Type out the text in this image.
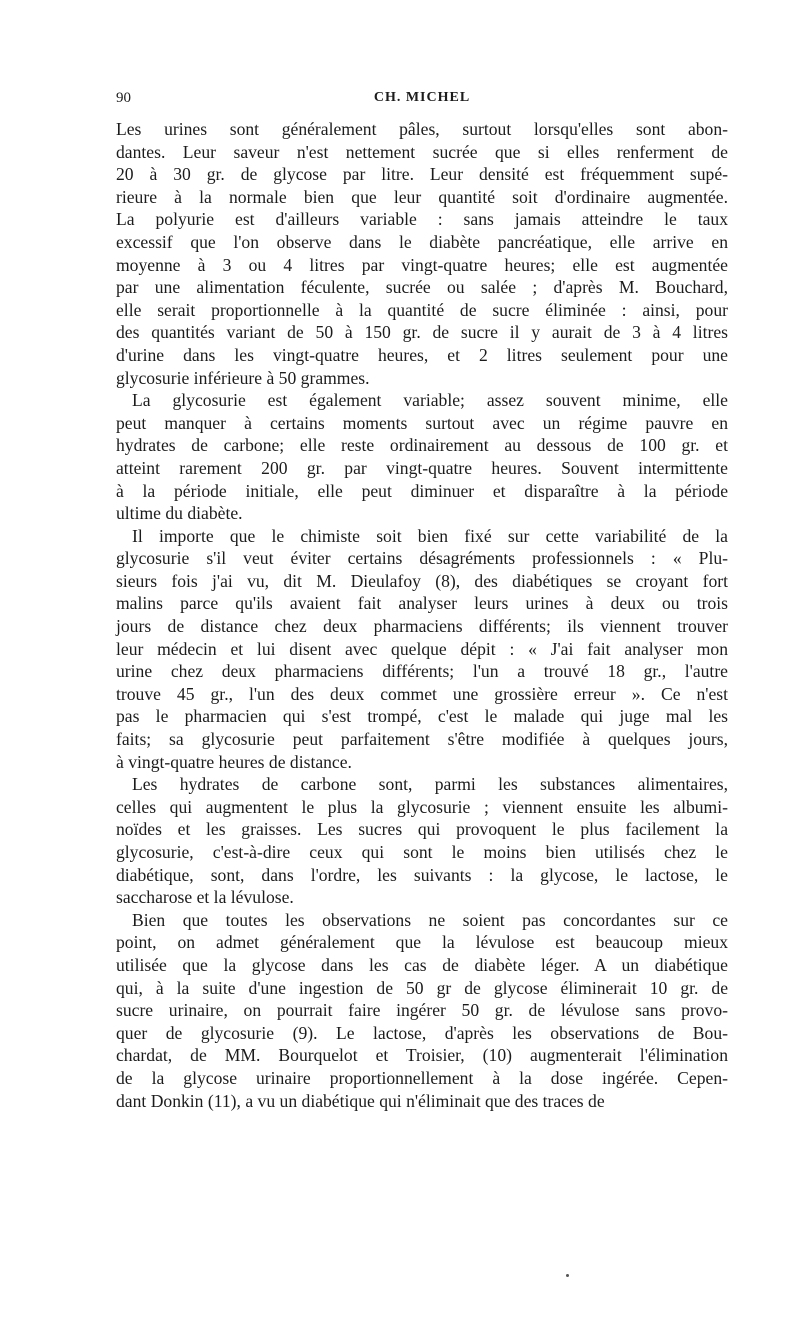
90	CH. MICHEL

Les urines sont généralement pâles, surtout lorsqu'elles sont abon-
dantes. Leur saveur n'est nettement sucrée que si elles renferment de
20 à 30 gr. de glycose par litre. Leur densité est fréquemment supé-
rieure à la normale bien que leur quantité soit d'ordinaire augmentée.
La polyurie est d'ailleurs variable : sans jamais atteindre le taux
excessif que l'on observe dans le diabète pancréatique, elle arrive en
moyenne à 3 ou 4 litres par vingt-quatre heures; elle est augmentée
par une alimentation féculente, sucrée ou salée ; d'après M. Bouchard,
elle serait proportionnelle à la quantité de sucre éliminée : ainsi, pour
des quantités variant de 50 à 150 gr. de sucre il y aurait de 3 à 4 litres
d'urine dans les vingt-quatre heures, et 2 litres seulement pour une
glycosurie inférieure à 50 grammes.

La glycosurie est également variable; assez souvent minime, elle
peut manquer à certains moments surtout avec un régime pauvre en
hydrates de carbone; elle reste ordinairement au dessous de 100 gr. et
atteint rarement 200 gr. par vingt-quatre heures. Souvent intermittente
à la période initiale, elle peut diminuer et disparaître à la période
ultime du diabète.

Il importe que le chimiste soit bien fixé sur cette variabilité de la
glycosurie s'il veut éviter certains désagréments professionnels : « Plu-
sieurs fois j'ai vu, dit M. Dieulafoy (8), des diabétiques se croyant fort
malins parce qu'ils avaient fait analyser leurs urines à deux ou trois
jours de distance chez deux pharmaciens différents; ils viennent trouver
leur médecin et lui disent avec quelque dépit : « J'ai fait analyser mon
urine chez deux pharmaciens différents; l'un a trouvé 18 gr., l'autre
trouve 45 gr., l'un des deux commet une grossière erreur ». Ce n'est
pas le pharmacien qui s'est trompé, c'est le malade qui juge mal les
faits; sa glycosurie peut parfaitement s'être modifiée à quelques jours,
à vingt-quatre heures de distance.

Les hydrates de carbone sont, parmi les substances alimentaires,
celles qui augmentent le plus la glycosurie ; viennent ensuite les albumi-
noïdes et les graisses. Les sucres qui provoquent le plus facilement la
glycosurie, c'est-à-dire ceux qui sont le moins bien utilisés chez le
diabétique, sont, dans l'ordre, les suivants : la glycose, le lactose, le
saccharose et la lévulose.

Bien que toutes les observations ne soient pas concordantes sur ce
point, on admet généralement que la lévulose est beaucoup mieux
utilisée que la glycose dans les cas de diabète léger. A un diabétique
qui, à la suite d'une ingestion de 50 gr de glycose éliminerait 10 gr. de
sucre urinaire, on pourrait faire ingérer 50 gr. de lévulose sans provo-
quer de glycosurie (9). Le lactose, d'après les observations de Bou-
chardat, de MM. Bourquelot et Troisier, (10) augmenterait l'élimination
de la glycose urinaire proportionnellement à la dose ingérée. Cepen-
dant Donkin (11), a vu un diabétique qui n'éliminait que des traces de
